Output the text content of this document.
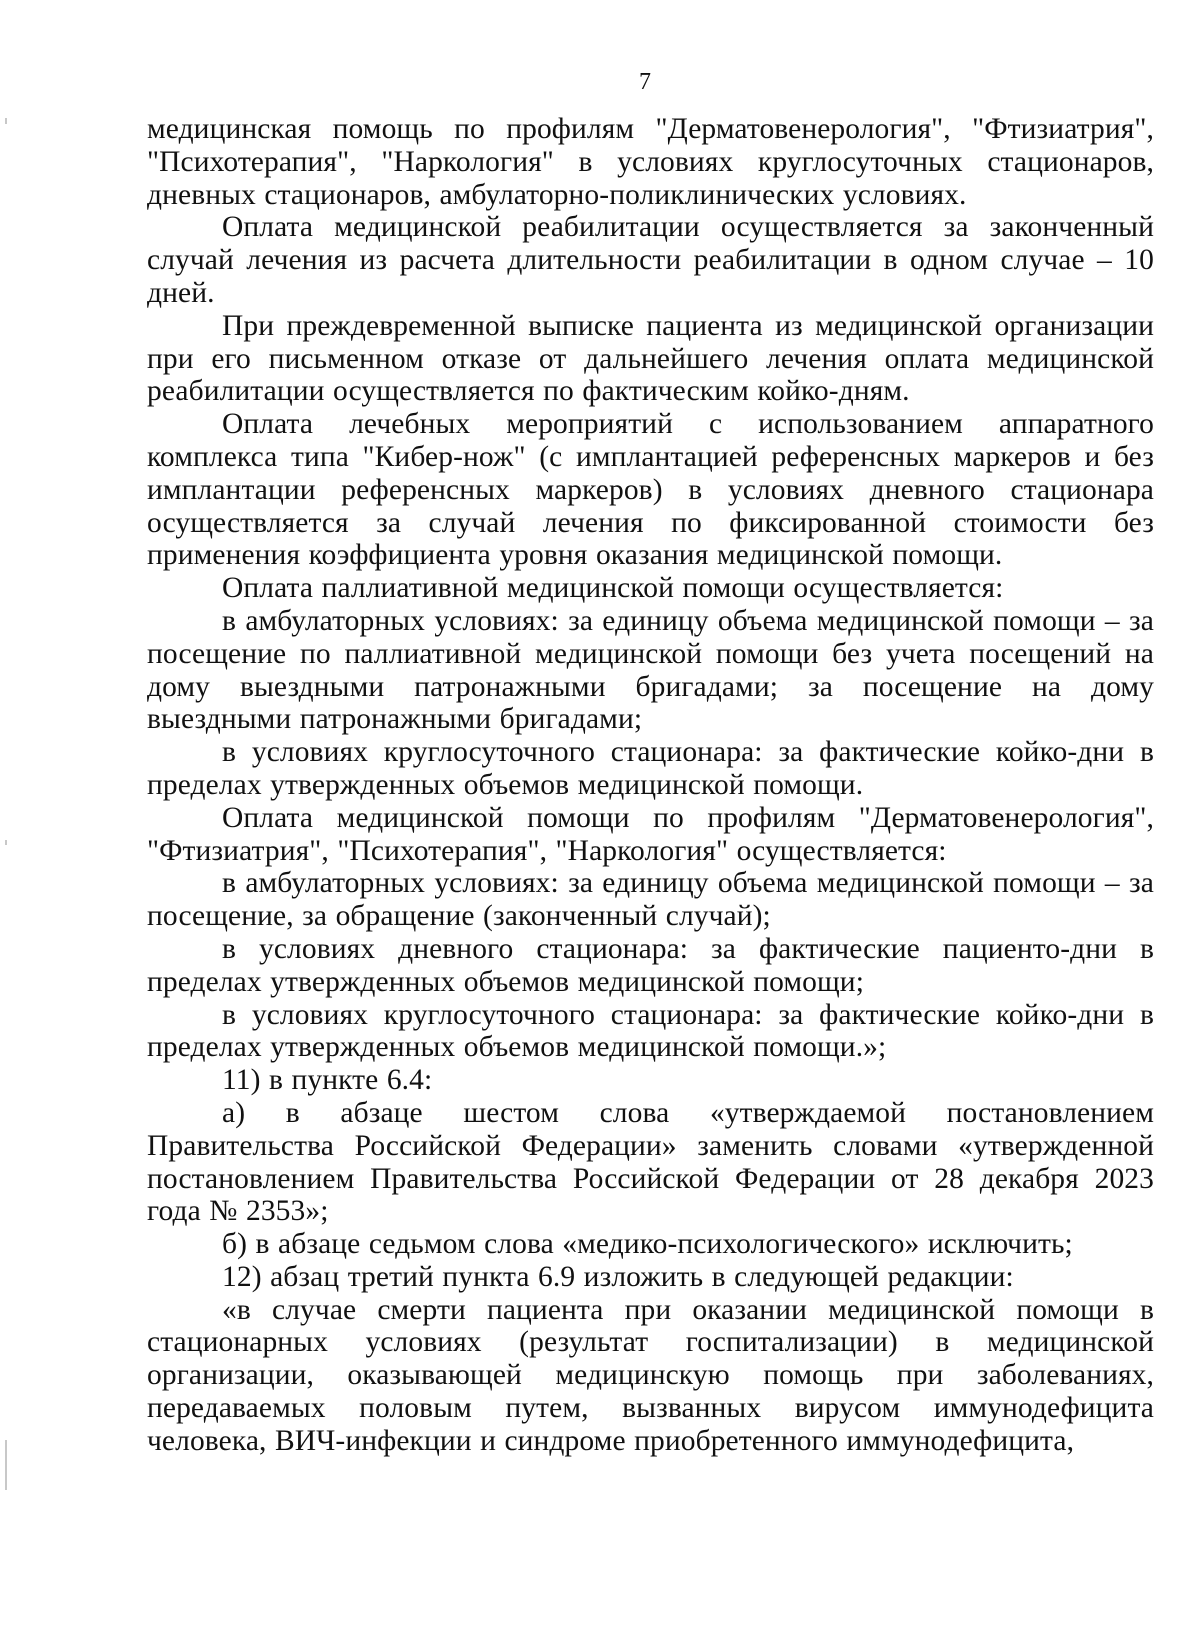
7

медицинская помощь по профилям "Дерматовенерология", "Фтизиатрия", "Психотерапия", "Наркология" в условиях круглосуточных стационаров, дневных стационаров, амбулаторно-поликлинических условиях.

Оплата медицинской реабилитации осуществляется за законченный случай лечения из расчета длительности реабилитации в одном случае – 10 дней.

При преждевременной выписке пациента из медицинской организации при его письменном отказе от дальнейшего лечения оплата медицинской реабилитации осуществляется по фактическим койко-дням.

Оплата лечебных мероприятий с использованием аппаратного комплекса типа "Кибер-нож" (с имплантацией референсных маркеров и без имплантации референсных маркеров) в условиях дневного стационара осуществляется за случай лечения по фиксированной стоимости без применения коэффициента уровня оказания медицинской помощи.

Оплата паллиативной медицинской помощи осуществляется:

в амбулаторных условиях: за единицу объема медицинской помощи – за посещение по паллиативной медицинской помощи без учета посещений на дому выездными патронажными бригадами; за посещение на дому выездными патронажными бригадами;

в условиях круглосуточного стационара: за фактические койко-дни в пределах утвержденных объемов медицинской помощи.

Оплата медицинской помощи по профилям "Дерматовенерология", "Фтизиатрия", "Психотерапия", "Наркология" осуществляется:

в амбулаторных условиях: за единицу объема медицинской помощи – за посещение, за обращение (законченный случай);

в условиях дневного стационара: за фактические пациенто-дни в пределах утвержденных объемов медицинской помощи;

в условиях круглосуточного стационара: за фактические койко-дни в пределах утвержденных объемов медицинской помощи.»;

11) в пункте 6.4:

а) в абзаце шестом слова «утверждаемой постановлением Правительства Российской Федерации» заменить словами «утвержденной постановлением Правительства Российской Федерации от 28 декабря 2023 года № 2353»;

б) в абзаце седьмом слова «медико-психологического» исключить;

12) абзац третий пункта 6.9 изложить в следующей редакции:

«в случае смерти пациента при оказании медицинской помощи в стационарных условиях (результат госпитализации) в медицинской организации, оказывающей медицинскую помощь при заболеваниях, передаваемых половым путем, вызванных вирусом иммунодефицита человека, ВИЧ-инфекции и синдроме приобретенного иммунодефицита,
